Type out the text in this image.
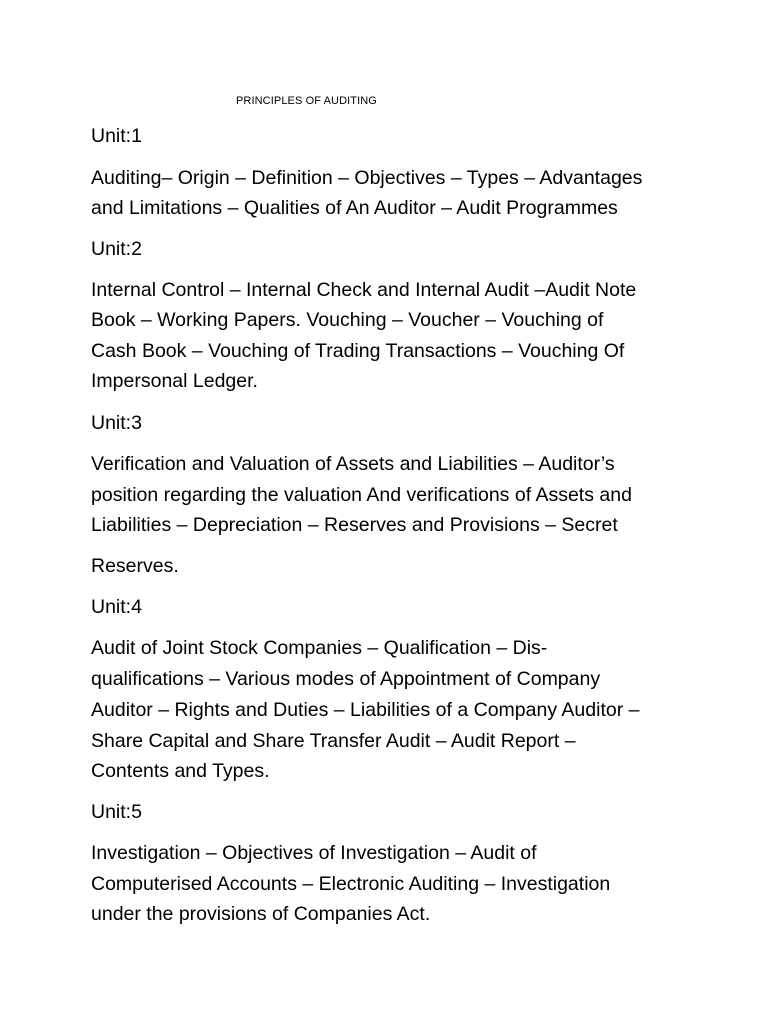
PRINCIPLES OF AUDITING
Unit:1
Auditing– Origin – Definition – Objectives – Types – Advantages
and Limitations – Qualities of An Auditor – Audit Programmes
Unit:2
Internal Control – Internal Check and Internal Audit –Audit Note
Book – Working Papers. Vouching – Voucher – Vouching of
Cash Book – Vouching of Trading Transactions – Vouching Of
Impersonal Ledger.
Unit:3
Verification and Valuation of Assets and Liabilities – Auditor’s
position regarding the valuation And verifications of Assets and
Liabilities – Depreciation – Reserves and Provisions – Secret
Reserves.
Unit:4
Audit of Joint Stock Companies – Qualification – Dis-
qualifications – Various modes of Appointment of Company
Auditor – Rights and Duties – Liabilities of a Company Auditor –
Share Capital and Share Transfer Audit – Audit Report –
Contents and Types.
Unit:5
Investigation – Objectives of Investigation – Audit of
Computerised Accounts – Electronic Auditing – Investigation
under the provisions of Companies Act.
